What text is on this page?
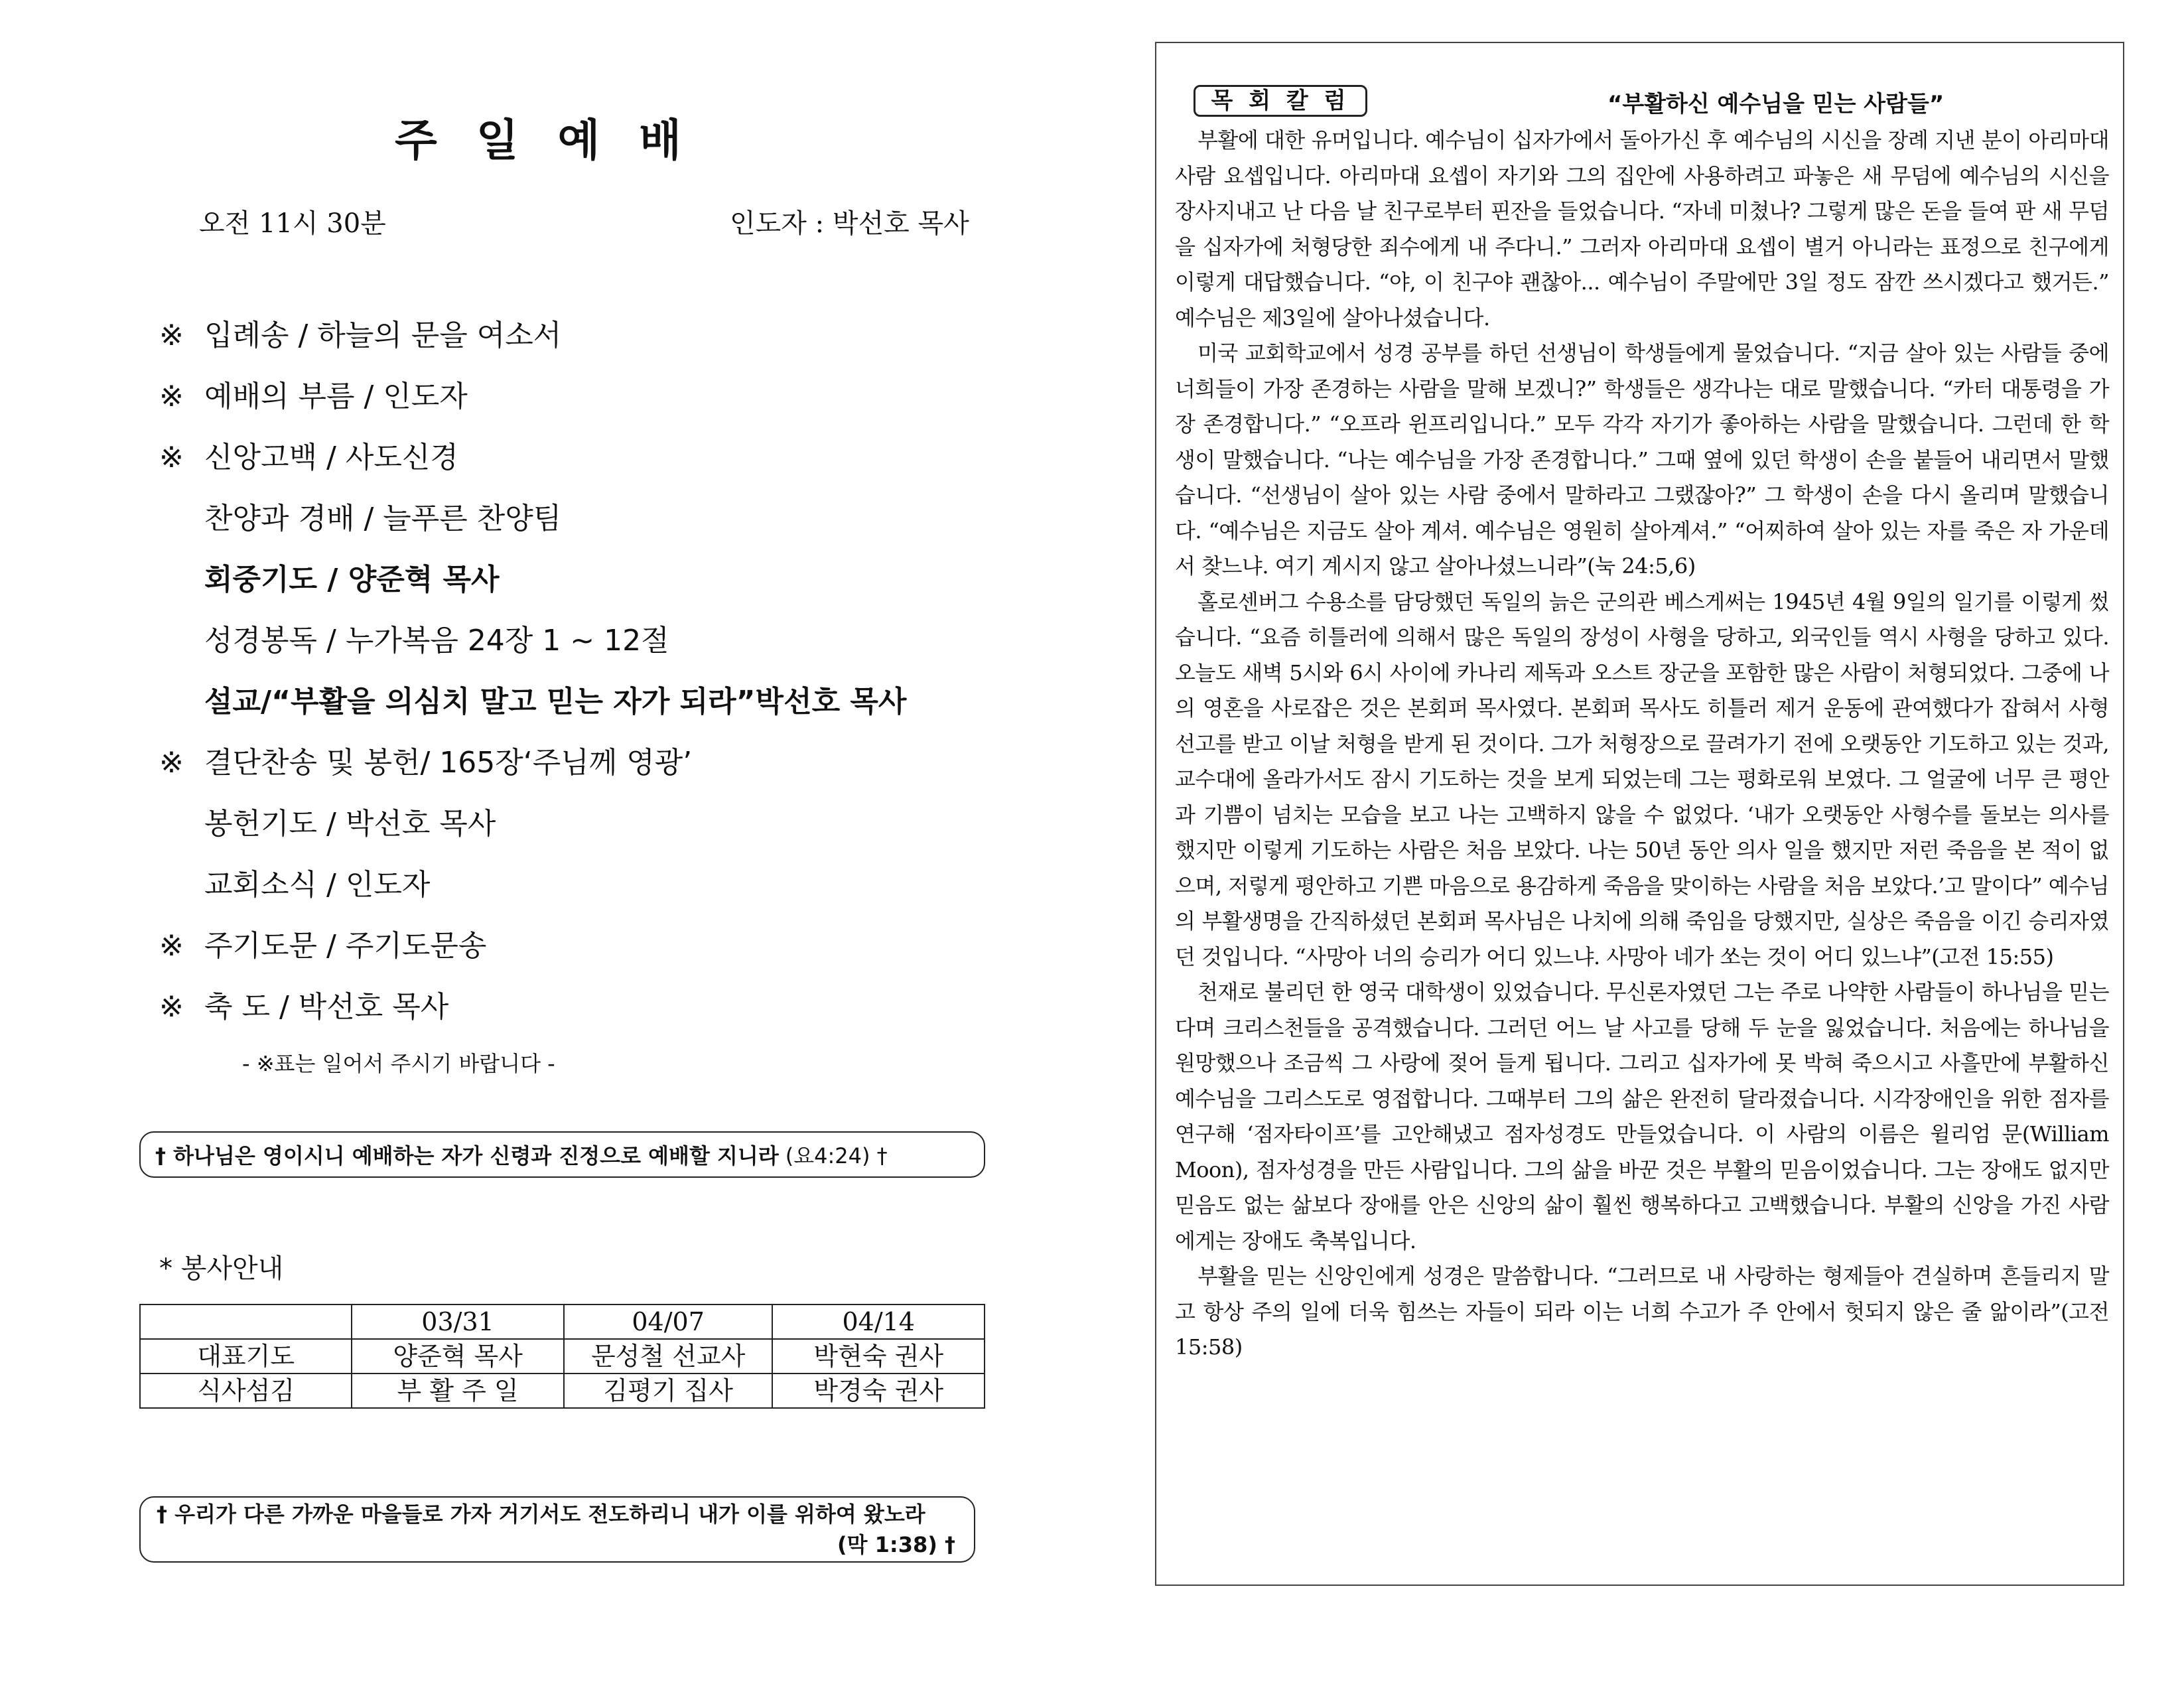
주 일 예 배
오전 11시 30분	인도자 : 박선호 목사
※ 입례송 / 하늘의 문을 여소서
※ 예배의 부름 / 인도자
※ 신앙고백 / 사도신경
찬양과 경배 / 늘푸른 찬양팀
회중기도 / 양준혁 목사
성경봉독 / 누가복음 24장 1 ~ 12절
설교/“부활을 의심치 말고 믿는 자가 되라”박선호 목사
※ 결단찬송 및 봉헌/ 165장‘주님께 영광’
봉헌기도 / 박선호 목사
교회소식 / 인도자
※ 주기도문 / 주기도문송
※ 축 도 / 박선호 목사
- ※표는 일어서 주시기 바랍니다 -
† 하나님은 영이시니 예배하는 자가 신령과 진정으로 예배할 지니라 (요4:24) †
* 봉사안내
	03/31	04/07	04/14
대표기도	양준혁 목사	문성철 선교사	박현숙 권사
식사섬김	부 활 주 일	김평기 집사	박경숙 권사
† 우리가 다른 가까운 마을들로 가자 거기서도 전도하리니 내가 이를 위하여 왔노라
(막 1:38) †
목 회 칼 럼	“부활하신 예수님을 믿는 사람들”

부활에 대한 유머입니다. 예수님이 십자가에서 돌아가신 후 예수님의 시신을 장례 지낸 분이 아리마대 사람 요셉입니다. 아리마대 요셉이 자기와 그의 집안에 사용하려고 파놓은 새 무덤에 예수님의 시신을 장사지내고 난 다음 날 친구로부터 핀잔을 들었습니다. “자네 미쳤나? 그렇게 많은 돈을 들여 판 새 무덤을 십자가에 처형당한 죄수에게 내 주다니.” 그러자 아리마대 요셉이 별거 아니라는 표정으로 친구에게 이렇게 대답했습니다. “야, 이 친구야 괜찮아... 예수님이 주말에만 3일 정도 잠깐 쓰시겠다고 했거든.” 예수님은 제3일에 살아나셨습니다.

미국 교회학교에서 성경 공부를 하던 선생님이 학생들에게 물었습니다. “지금 살아 있는 사람들 중에 너희들이 가장 존경하는 사람을 말해 보겠니?” 학생들은 생각나는 대로 말했습니다. “카터 대통령을 가장 존경합니다.” “오프라 윈프리입니다.” 모두 각각 자기가 좋아하는 사람을 말했습니다. 그런데 한 학생이 말했습니다. “나는 예수님을 가장 존경합니다.” 그때 옆에 있던 학생이 손을 붙들어 내리면서 말했습니다. “선생님이 살아 있는 사람 중에서 말하라고 그랬잖아?” 그 학생이 손을 다시 올리며 말했습니다. “예수님은 지금도 살아 계셔. 예수님은 영원히 살아계셔.” “어찌하여 살아 있는 자를 죽은 자 가운데서 찾느냐. 여기 계시지 않고 살아나셨느니라”(눅 24:5,6)

홀로센버그 수용소를 담당했던 독일의 늙은 군의관 베스게써는 1945년 4월 9일의 일기를 이렇게 썼습니다. “요즘 히틀러에 의해서 많은 독일의 장성이 사형을 당하고, 외국인들 역시 사형을 당하고 있다. 오늘도 새벽 5시와 6시 사이에 카나리 제독과 오스트 장군을 포함한 많은 사람이 처형되었다. 그중에 나의 영혼을 사로잡은 것은 본회퍼 목사였다. 본회퍼 목사도 히틀러 제거 운동에 관여했다가 잡혀서 사형선고를 받고 이날 처형을 받게 된 것이다. 그가 처형장으로 끌려가기 전에 오랫동안 기도하고 있는 것과, 교수대에 올라가서도 잠시 기도하는 것을 보게 되었는데 그는 평화로워 보였다. 그 얼굴에 너무 큰 평안과 기쁨이 넘치는 모습을 보고 나는 고백하지 않을 수 없었다. ‘내가 오랫동안 사형수를 돌보는 의사를 했지만 이렇게 기도하는 사람은 처음 보았다. 나는 50년 동안 의사 일을 했지만 저런 죽음을 본 적이 없으며, 저렇게 평안하고 기쁜 마음으로 용감하게 죽음을 맞이하는 사람을 처음 보았다.’고 말이다” 예수님의 부활생명을 간직하셨던 본회퍼 목사님은 나치에 의해 죽임을 당했지만, 실상은 죽음을 이긴 승리자였던 것입니다. “사망아 너의 승리가 어디 있느냐. 사망아 네가 쏘는 것이 어디 있느냐”(고전 15:55)

천재로 불리던 한 영국 대학생이 있었습니다. 무신론자였던 그는 주로 나약한 사람들이 하나님을 믿는다며 크리스천들을 공격했습니다. 그러던 어느 날 사고를 당해 두 눈을 잃었습니다. 처음에는 하나님을 원망했으나 조금씩 그 사랑에 젖어 들게 됩니다. 그리고 십자가에 못 박혀 죽으시고 사흘만에 부활하신 예수님을 그리스도로 영접합니다. 그때부터 그의 삶은 완전히 달라졌습니다. 시각장애인을 위한 점자를 연구해 ‘점자타이프’를 고안해냈고 점자성경도 만들었습니다. 이 사람의 이름은 윌리엄 문(William Moon), 점자성경을 만든 사람입니다. 그의 삶을 바꾼 것은 부활의 믿음이었습니다. 그는 장애도 없지만 믿음도 없는 삶보다 장애를 안은 신앙의 삶이 훨씬 행복하다고 고백했습니다. 부활의 신앙을 가진 사람에게는 장애도 축복입니다.

부활을 믿는 신앙인에게 성경은 말씀합니다. “그러므로 내 사랑하는 형제들아 견실하며 흔들리지 말고 항상 주의 일에 더욱 힘쓰는 자들이 되라 이는 너희 수고가 주 안에서 헛되지 않은 줄 앎이라”(고전15:58)
